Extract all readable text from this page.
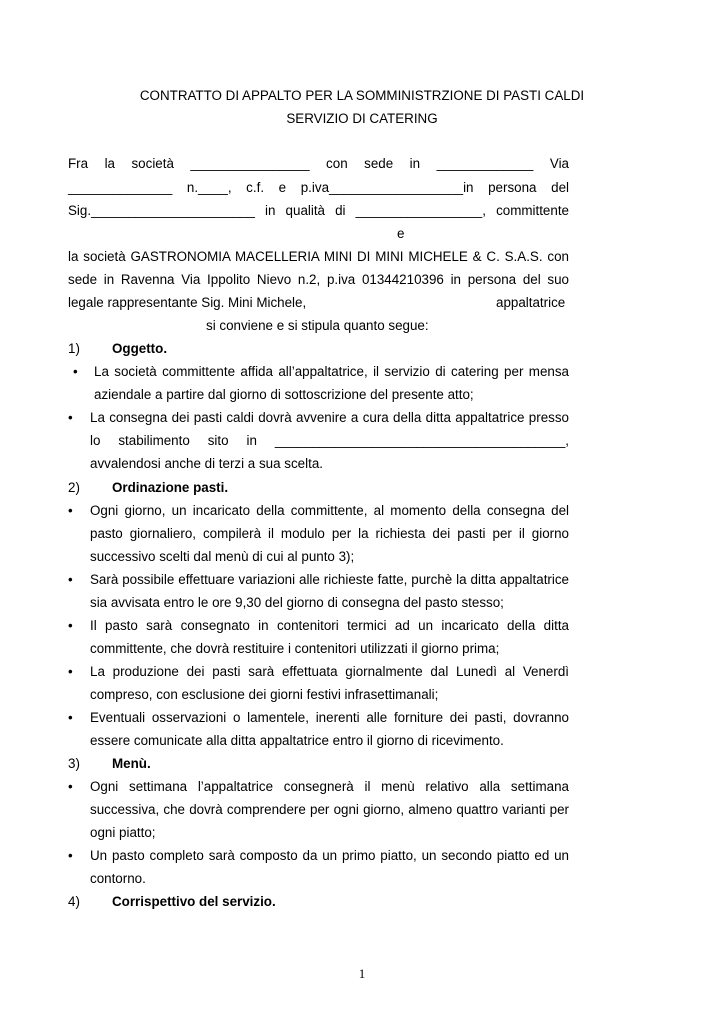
CONTRATTO DI APPALTO PER LA SOMMINISTRZIONE DI PASTI CALDI
SERVIZIO DI CATERING
Fra la società ________________ con sede in _____________ Via
______________ n.____, c.f. e p.iva__________________in persona del
Sig.______________________ in qualità di _________________, committente
e
la società GASTRONOMIA MACELLERIA MINI DI MINI MICHELE & C. S.A.S. con
sede in Ravenna Via Ippolito Nievo n.2, p.iva 01344210396 in persona del suo
legale rappresentante Sig. Mini Michele,	appaltatrice
si conviene e si stipula quanto segue:
1) Oggetto.
• La società committente affida all’appaltatrice, il servizio di catering per mensa
aziendale a partire dal giorno di sottoscrizione del presente atto;
• La consegna dei pasti caldi dovrà avvenire a cura della ditta appaltatrice presso
lo stabilimento sito in _______________________________________,
avvalendosi anche di terzi a sua scelta.
2) Ordinazione pasti.
• Ogni giorno, un incaricato della committente, al momento della consegna del
pasto giornaliero, compilerà il modulo per la richiesta dei pasti per il giorno
successivo scelti dal menù di cui al punto 3);
• Sarà possibile effettuare variazioni alle richieste fatte, purchè la ditta appaltatrice
sia avvisata entro le ore 9,30 del giorno di consegna del pasto stesso;
• Il pasto sarà consegnato in contenitori termici ad un incaricato della ditta
committente, che dovrà restituire i contenitori utilizzati il giorno prima;
• La produzione dei pasti sarà effettuata giornalmente dal Lunedì al Venerdì
compreso, con esclusione dei giorni festivi infrasettimanali;
• Eventuali osservazioni o lamentele, inerenti alle forniture dei pasti, dovranno
essere comunicate alla ditta appaltatrice entro il giorno di ricevimento.
3) Menù.
• Ogni settimana l’appaltatrice consegnerà il menù relativo alla settimana
successiva, che dovrà comprendere per ogni giorno, almeno quattro varianti per
ogni piatto;
• Un pasto completo sarà composto da un primo piatto, un secondo piatto ed un
contorno.
4) Corrispettivo del servizio.
1
